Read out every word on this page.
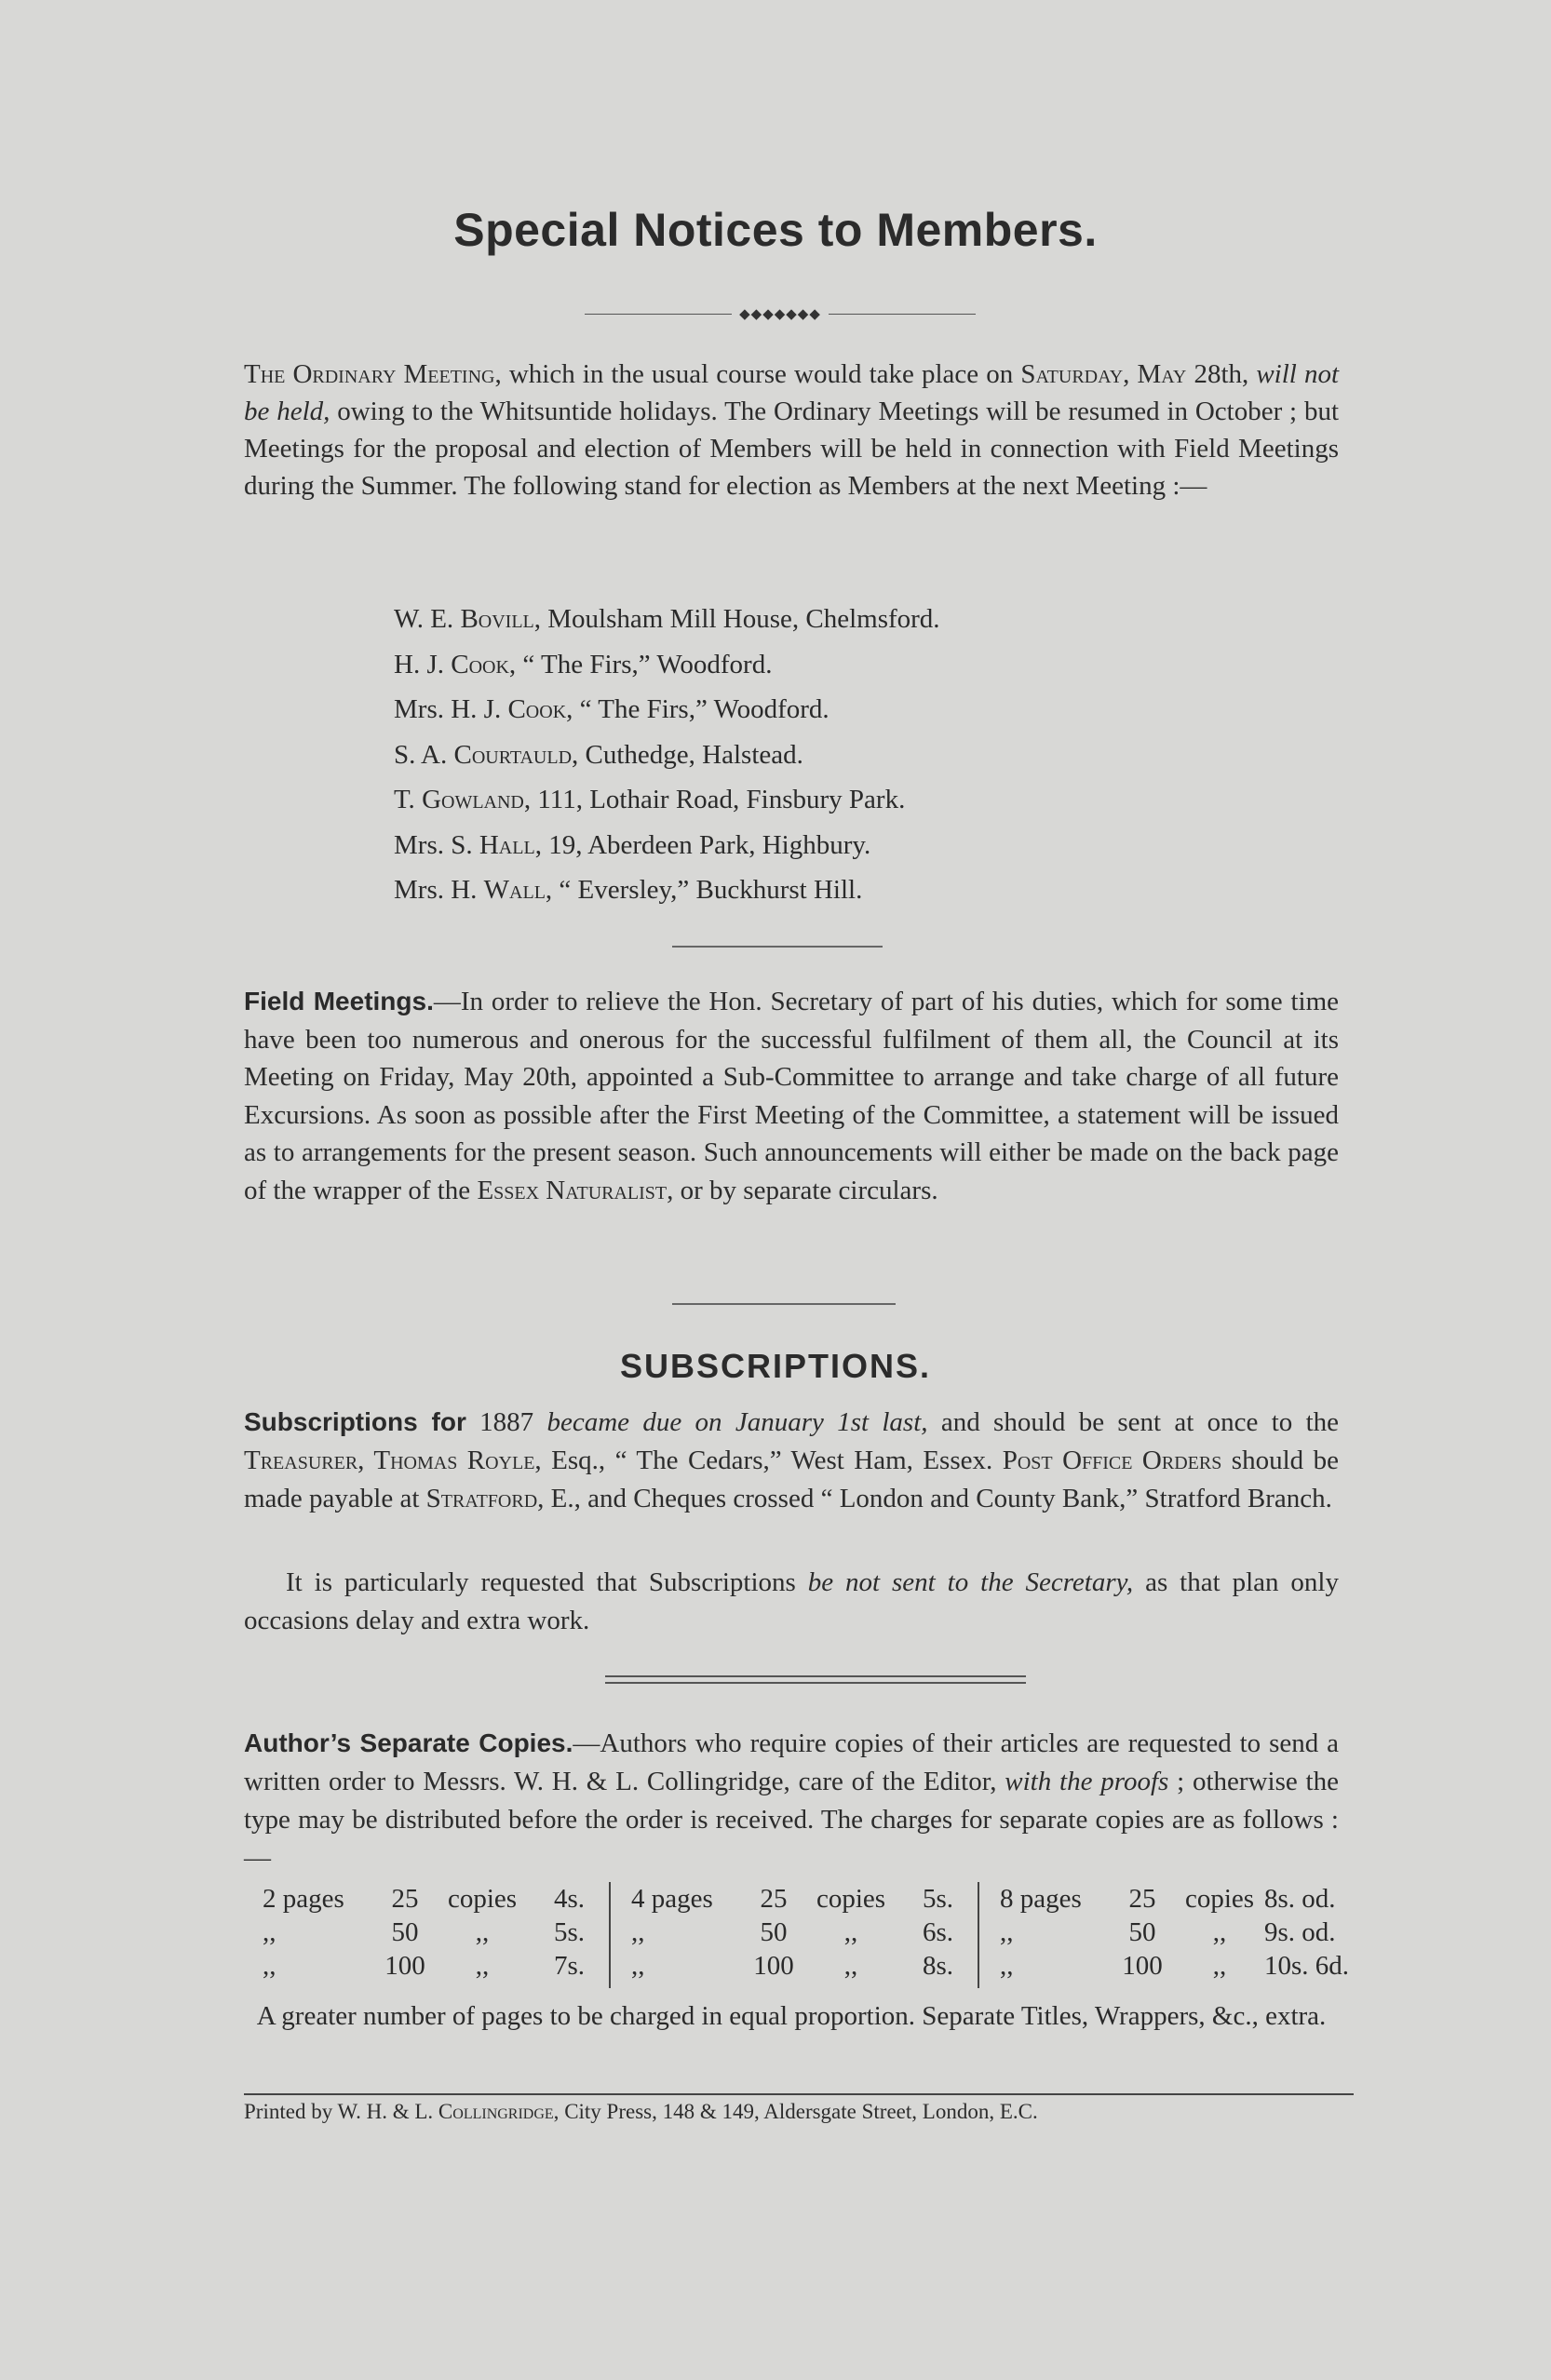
Special Notices to Members.
◆◆◆◆◆◆◆

The Ordinary Meeting, which in the usual course would take place on Saturday, May 28th, will not be held, owing to the Whitsuntide holidays. The Ordinary Meetings will be resumed in October ; but Meetings for the proposal and election of Members will be held in connection with Field Meetings during the Summer. The following stand for election as Members at the next Meeting :—

W. E. Bovill, Moulsham Mill House, Chelmsford.
H. J. Cook, “ The Firs,” Woodford.
Mrs. H. J. Cook, “ The Firs,” Woodford.
S. A. Courtauld, Cuthedge, Halstead.
T. Gowland, 111, Lothair Road, Finsbury Park.
Mrs. S. Hall, 19, Aberdeen Park, Highbury.
Mrs. H. Wall, “ Eversley,” Buckhurst Hill.

Field Meetings.—In order to relieve the Hon. Secretary of part of his duties, which for some time have been too numerous and onerous for the successful fulfilment of them all, the Council at its Meeting on Friday, May 20th, appointed a Sub-Committee to arrange and take charge of all future Excursions. As soon as possible after the First Meeting of the Committee, a statement will be issued as to arrangements for the present season. Such announcements will either be made on the back page of the wrapper of the Essex Naturalist, or by separate circulars.

SUBSCRIPTIONS.

Subscriptions for 1887 became due on January 1st last, and should be sent at once to the Treasurer, Thomas Royle, Esq., “ The Cedars,” West Ham, Essex. Post Office Orders should be made payable at Stratford, E., and Cheques crossed “ London and County Bank,” Stratford Branch.

It is particularly requested that Subscriptions be not sent to the Secretary, as that plan only occasions delay and extra work.

Author’s Separate Copies.—Authors who require copies of their articles are requested to send a written order to Messrs. W. H. & L. Collingridge, care of the Editor, with the proofs ; otherwise the type may be distributed before the order is received. The charges for separate copies are as follows :—

2 pages	25	copies	4s.
,,	50	,,	5s.
,,	100	,,	7s.
4 pages	25	copies	5s.
,,	50	,,	6s.
,,	100	,,	8s.
8 pages	25	copies 8s. od.
,,	50	,,	9s. od.
,,	100	,,	10s. 6d.

A greater number of pages to be charged in equal proportion. Separate Titles, Wrappers, &c., extra.

Printed by W. H. & L. Collingridge, City Press, 148 & 149, Aldersgate Street, London, E.C.
